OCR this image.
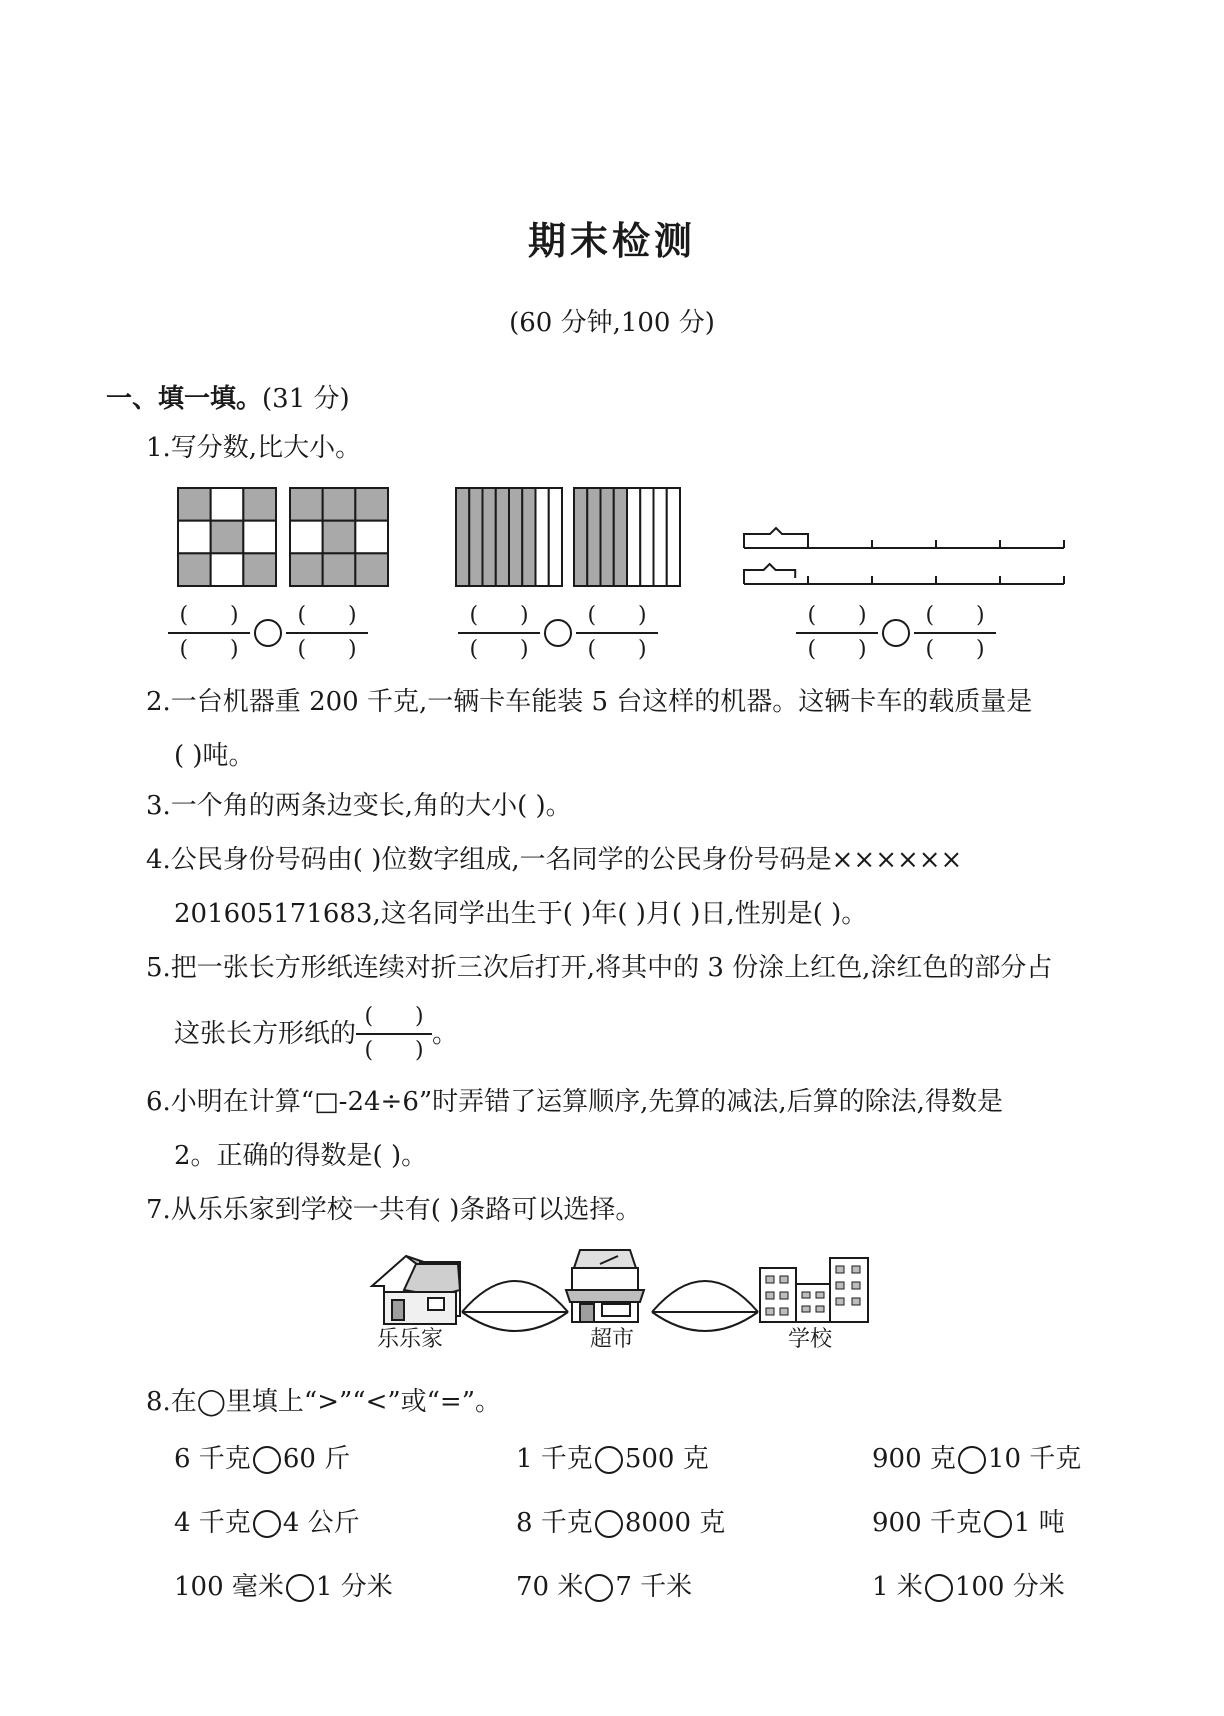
期末检测
(60 分钟,100 分)
一、填一填。(31 分)
1.写分数,比大小。
$\frac{( )}{( )} \frac{( )}{( )}$	$\frac{( )}{( )} \frac{( )}{( )}$	$\frac{( )}{( )} \frac{( )}{( )}$
2.一台机器重 200 千克,一辆卡车能装 5 台这样的机器。这辆卡车的载质量是
( )吨。
3.一个角的两条边变长,角的大小( )。
4.公民身份号码由( )位数字组成,一名同学的公民身份号码是××××××
201605171683,这名同学出生于( )年( )月( )日,性别是( )。
5.把一张长方形纸连续对折三次后打开,将其中的 3 份涂上红色,涂红色的部分占
这张长方形纸的 $\frac{( )}{( )}$ 。
6.小明在计算“□-24÷6”时弄错了运算顺序,先算的减法,后算的除法,得数是
2。正确的得数是( )。
7.从乐乐家到学校一共有( )条路可以选择。
乐乐家	超市	学校
8.在◯里填上“>”“<”或“=”。
6 千克 60 斤	1 千克 500 克	900 克 10 千克
4 千克 4 公斤	8 千克 8000 克	900 千克 1 吨
100 毫米 1 分米	70 米 7 千米	1 米 100 分米
